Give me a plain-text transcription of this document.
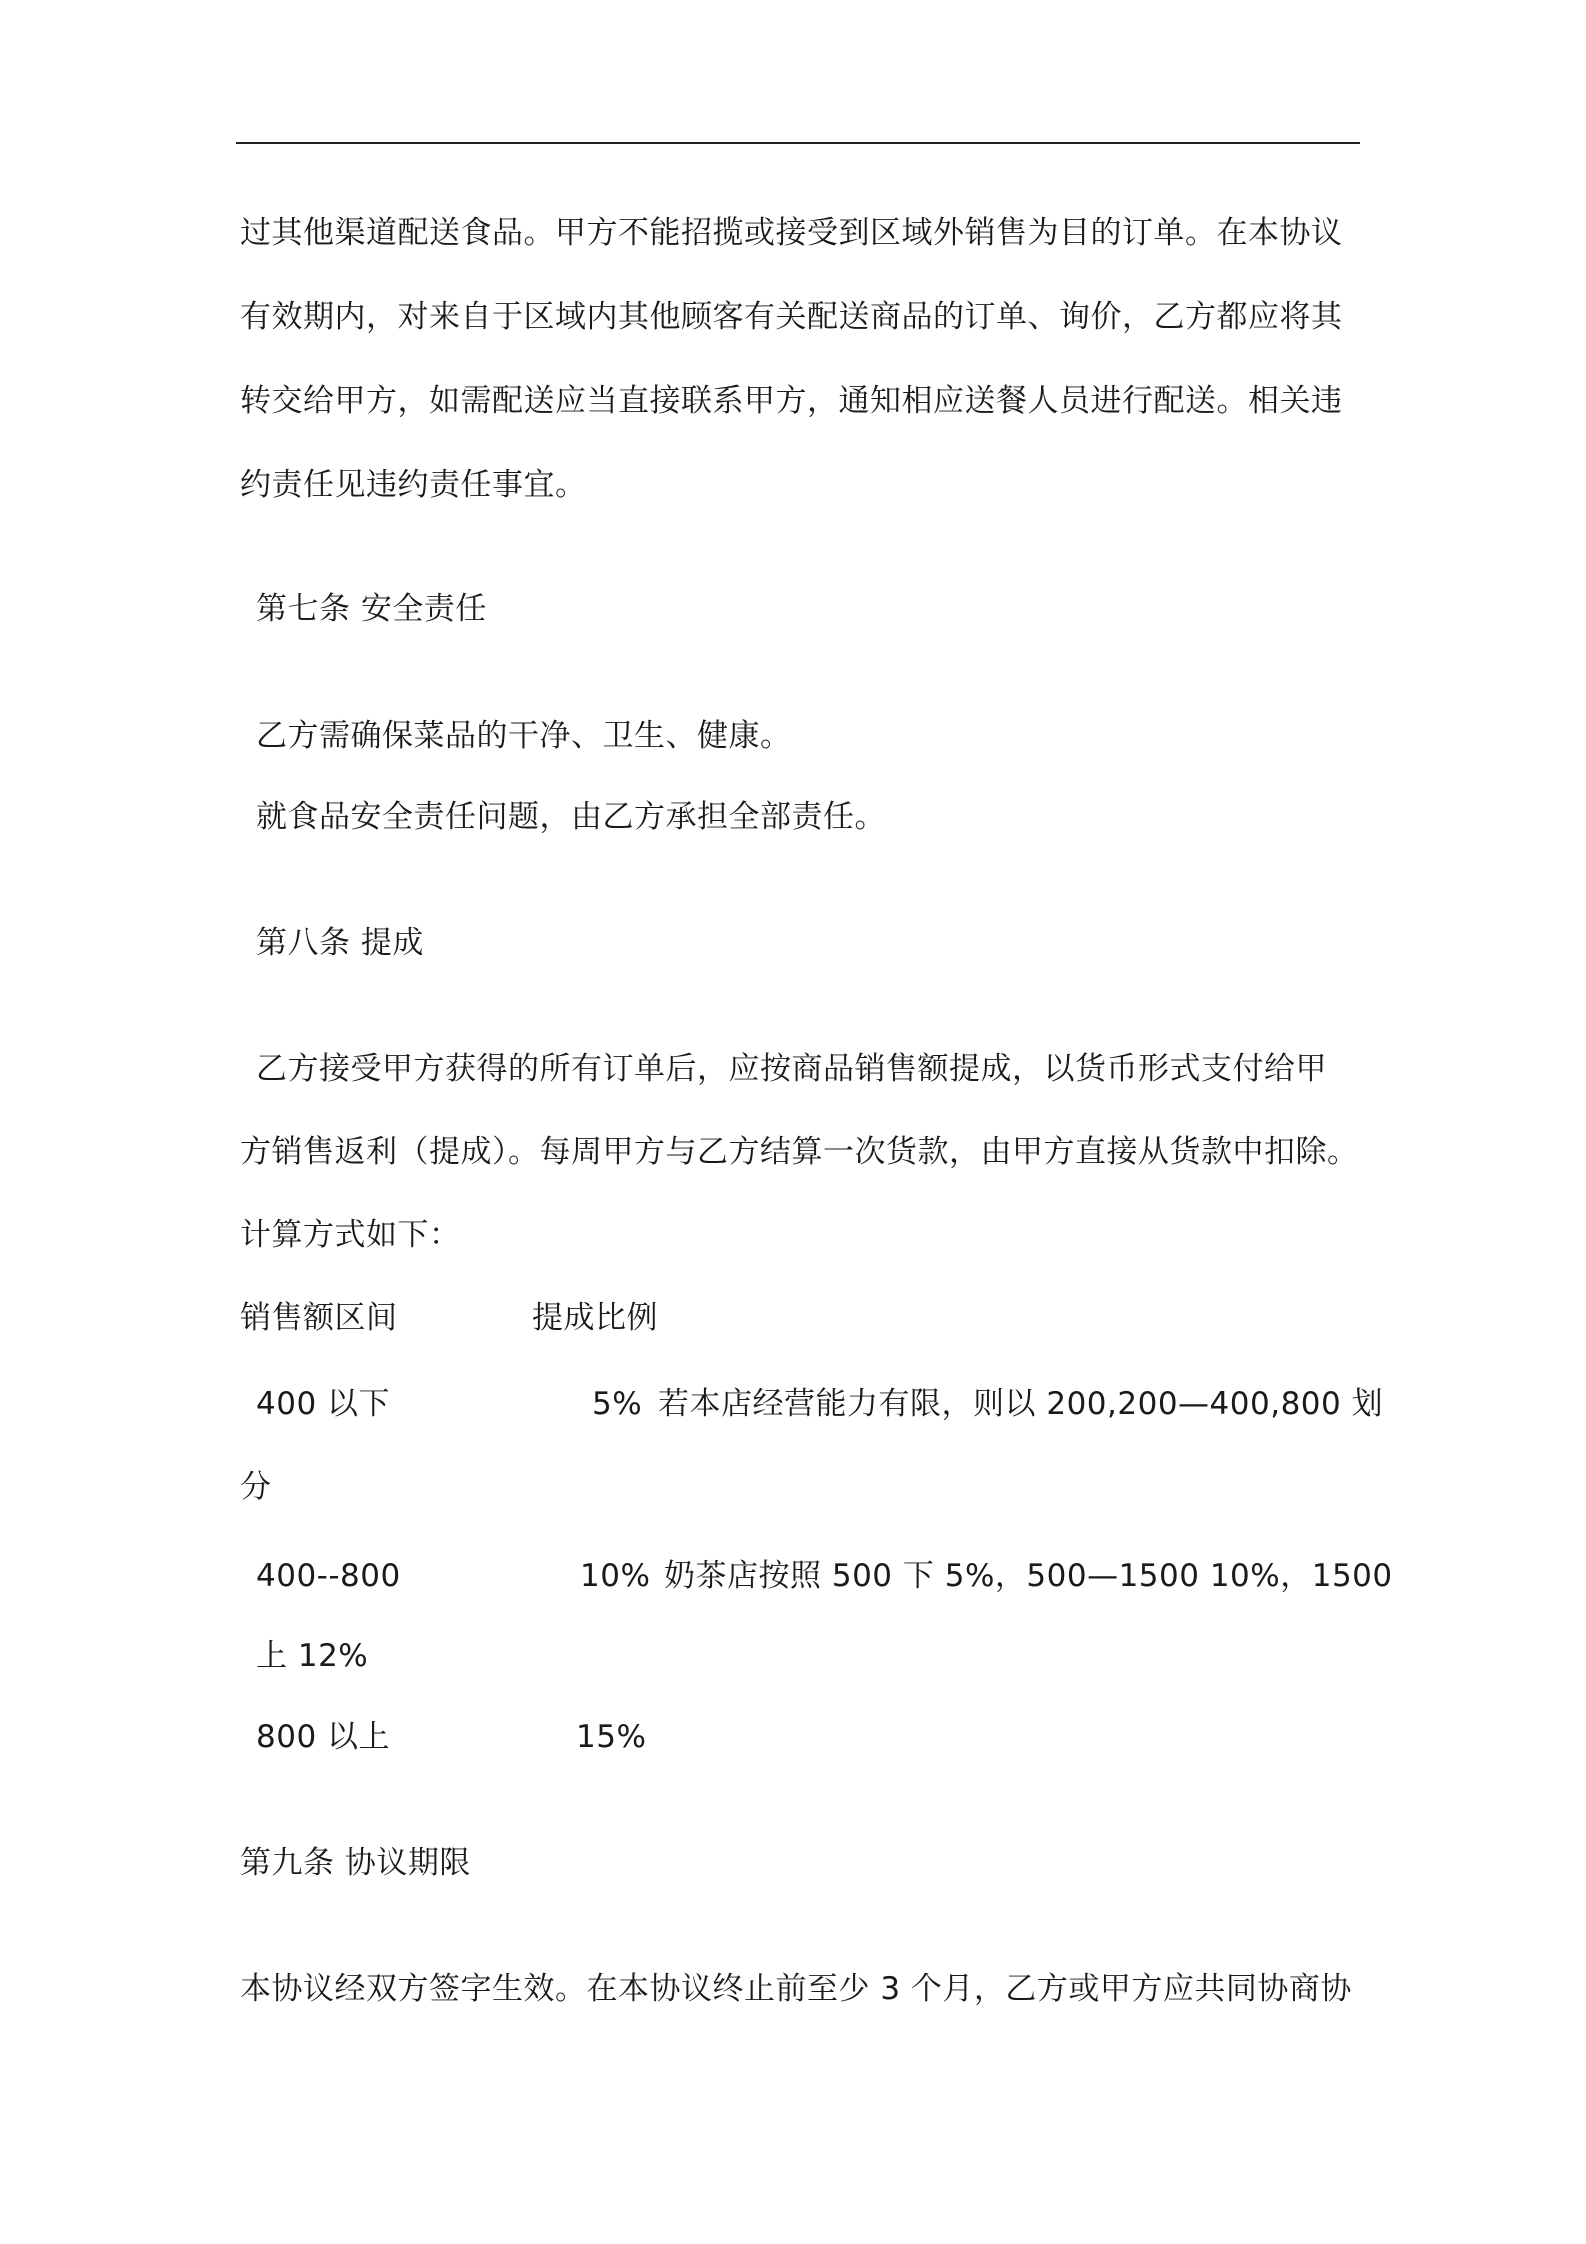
过其他渠道配送食品。甲方不能招揽或接受到区域外销售为目的订单。在本协议
有效期内，对来自于区域内其他顾客有关配送商品的订单、询价，乙方都应将其
转交给甲方，如需配送应当直接联系甲方，通知相应送餐人员进行配送。相关违
约责任见违约责任事宜。
第七条 安全责任
乙方需确保菜品的干净、卫生、健康。
就食品安全责任问题，由乙方承担全部责任。
第八条 提成
乙方接受甲方获得的所有订单后，应按商品销售额提成，以货币形式支付给甲
方销售返利（提成）。每周甲方与乙方结算一次货款，由甲方直接从货款中扣除。
计算方式如下：
销售额区间	提成比例
400 以下	5% 若本店经营能力有限，则以 200,200—400,800 划
分
400--800	10% 奶茶店按照 500 下 5%，500—1500 10%，1500
上 12%
800 以上	15%
第九条 协议期限
本协议经双方签字生效。在本协议终止前至少 3 个月，乙方或甲方应共同协商协
